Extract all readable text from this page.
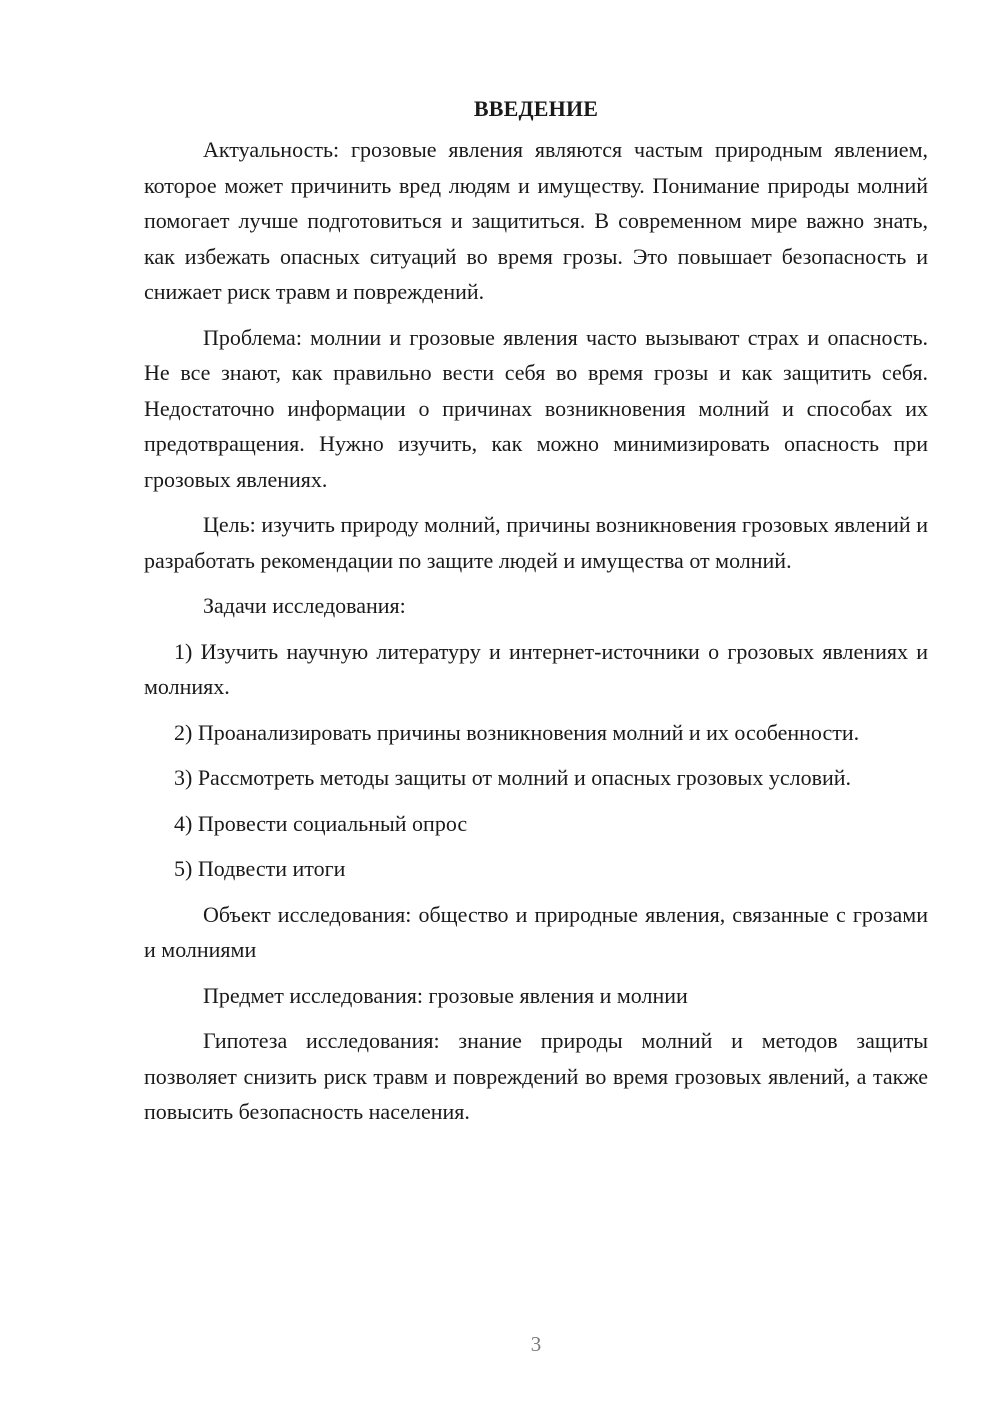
ВВЕДЕНИЕ

Актуальность: грозовые явления являются частым природным явлением, которое может причинить вред людям и имуществу. Понимание природы молний помогает лучше подготовиться и защититься. В современном мире важно знать, как избежать опасных ситуаций во время грозы. Это повышает безопасность и снижает риск травм и повреждений.

Проблема: молнии и грозовые явления часто вызывают страх и опасность. Не все знают, как правильно вести себя во время грозы и как защитить себя. Недостаточно информации о причинах возникновения молний и способах их предотвращения. Нужно изучить, как можно минимизировать опасность при грозовых явлениях.

Цель: изучить природу молний, причины возникновения грозовых явлений и разработать рекомендации по защите людей и имущества от молний.

Задачи исследования:

1) Изучить научную литературу и интернет-источники о грозовых явлениях и молниях.

2) Проанализировать причины возникновения молний и их особенности.

3) Рассмотреть методы защиты от молний и опасных грозовых условий.

4) Провести социальный опрос

5) Подвести итоги

Объект исследования: общество и природные явления, связанные с грозами и молниями

Предмет исследования: грозовые явления и молнии

Гипотеза исследования: знание природы молний и методов защиты позволяет снизить риск травм и повреждений во время грозовых явлений, а также повысить безопасность населения.

3
